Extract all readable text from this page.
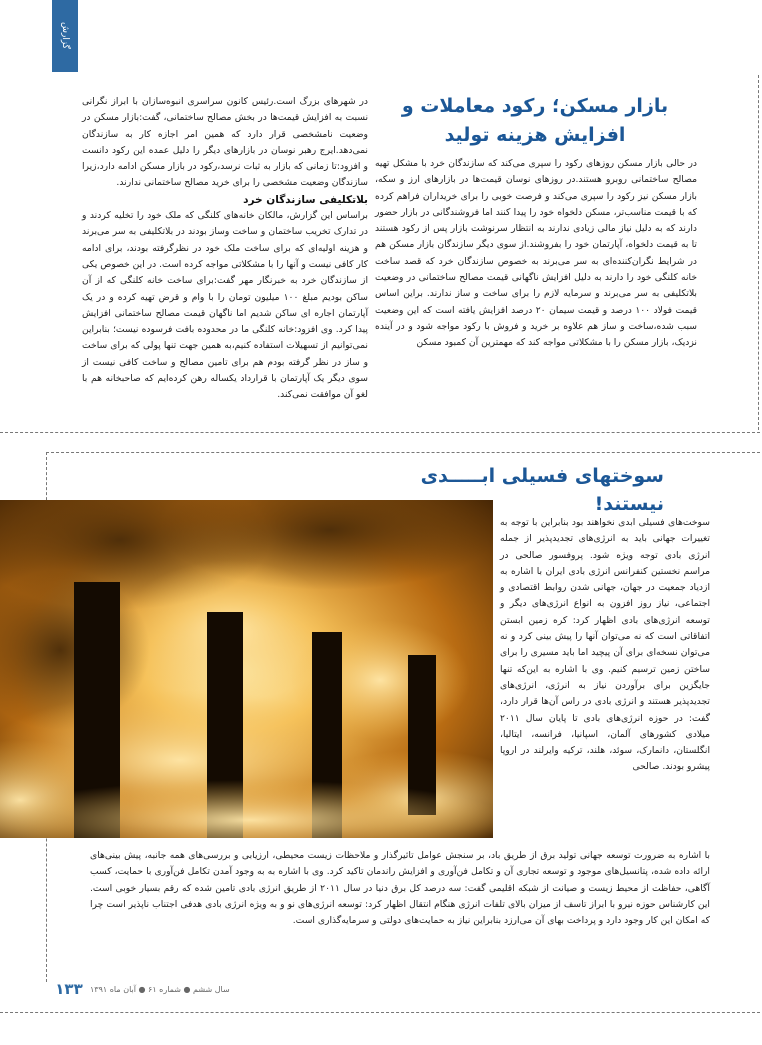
گزارش
بازار مسکن؛ رکود معاملات و افزایش هزینه تولید

در حالی بازار مسکن روزهای رکود را سپری می‌کند که سازندگان خرد با مشکل تهیه مصالح ساختمانی روبرو هستند.در روزهای نوسان قیمت‌ها در بازارهای ارز و سکه، بازار مسکن نیز رکود را سپری می‌کند و فرصت خوبی را برای خریداران فراهم کرده که با قیمت مناسب‌تر، مسکن دلخواه خود را پیدا کنند اما فروشندگانی در بازار حضور دارند که به دلیل نیاز مالی زیادی ندارند به انتظار سرنوشت بازار پس از رکود هستند تا به قیمت دلخواه، آپارتمان خود را بفروشند.از سوی دیگر سازندگان بازار مسکن هم در شرایط نگران‌کننده‌ای به سر می‌برند به خصوص سازندگان خرد که قصد ساخت خانه کلنگی خود را دارند به دلیل افزایش ناگهانی قیمت مصالح ساختمانی در وضعیت بلاتکلیفی به سر می‌برند و سرمایه لازم را برای ساخت و ساز ندارند. براین اساس قیمت فولاد ۱۰۰ درصد و قیمت سیمان ۲۰ درصد افزایش یافته است که این وضعیت سبب شده،ساخت و ساز هم علاوه بر خرید و فروش با رکود مواجه شود و در آینده نزدیک، بازار مسکن را با مشکلاتی مواجه کند که مهمترین آن کمبود مسکن

در شهرهای بزرگ است.رئیس کانون سراسری انبوه‌سازان با ابراز نگرانی نسبت به افزایش قیمت‌ها در بخش مصالح ساختمانی، گفت:بازار مسکن در وضعیت نامشخصی قرار دارد که همین امر اجازه کار به سازندگان نمی‌دهد.ایرج رهبر نوسان در بازارهای دیگر را دلیل عمده این رکود دانست و افزود:تا زمانی که بازار به ثبات نرسد،رکود در بازار مسکن ادامه دارد،زیرا سازندگان وضعیت مشخصی را برای خرید مصالح ساختمانی ندارند.

بلاتکلیفی سازندگان خرد

براساس این گزارش، مالکان خانه‌های کلنگی که ملک خود را تخلیه کردند و در تدارک تخریب ساختمان و ساخت وساز بودند در بلاتکلیفی به سر می‌برند و هزینه اولیه‌ای که برای ساخت ملک خود در نظرگرفته بودند، برای ادامه کار کافی نیست و آنها را با مشکلاتی مواجه کرده است. در این خصوص یکی از سازندگان خرد به خبرنگار مهر گفت:برای ساخت خانه کلنگی که از آن ساکن بودیم مبلغ ۱۰۰ میلیون تومان را با وام و قرض تهیه کرده و در یک آپارتمان اجاره ای ساکن شدیم اما ناگهان قیمت مصالح ساختمانی افزایش پیدا کرد. وی افزود:خانه کلنگی ما در محدوده بافت فرسوده نیست؛ بنابراین نمی‌توانیم از تسهیلات استفاده کنیم،به همین جهت تنها پولی که برای ساخت و ساز در نظر گرفته بودم هم برای تامین مصالح و ساخت کافی نیست از سوی دیگر یک آپارتمان با قرارداد یکساله رهن کرده‌ایم که صاحبخانه هم با لغو آن موافقت نمی‌کند.

سوختهای فسیلی ابـــــدی نیستند!

سوخت‌های فسیلی ابدی نخواهند بود بنابراین با توجه به تغییرات جهانی باید به انرژی‌های تجدیدپذیر از جمله انرژی بادی توجه ویژه شود. پروفسور صالحی در مراسم نخستین کنفرانس انرژی بادی ایران با اشاره به ازدیاد جمعیت در جهان، جهانی شدن روابط اقتصادی و اجتماعی، نیاز روز افزون به انواع انرژی‌های دیگر و توسعه انرژی‌های بادی اظهار کرد: کره زمین ابستن اتفاقاتی است که نه می‌توان آنها را پیش بینی کرد و نه می‌توان نسخه‌ای برای آن پیچید اما باید مسیری را برای ساختن زمین ترسیم کنیم. وی با اشاره به این‌که تنها جایگزین برای برآوردن نیاز به انرژی، انرژی‌های تجدیدپذیر هستند و انرژی بادی در راس آن‌ها قرار دارد، گفت: در حوزه انرژی‌های بادی تا پایان سال ۲۰۱۱ میلادی کشورهای آلمان، اسپانیا، فرانسه، ایتالیا، انگلستان، دانمارک، سوئد، هلند، ترکیه وایرلند در اروپا پیشرو بودند. صالحی

با اشاره به ضرورت توسعه جهانی تولید برق از طریق باد، بر سنجش عوامل تاثیرگذار و ملاحظات زیست محیطی، ارزیابی و بررسی‌های همه جانبه، پیش بینی‌های ارائه داده شده، پتانسیل‌های موجود و توسعه تجاری آن و تکامل فن‌آوری و افزایش راندمان تاکید کرد. وی با اشاره به به وجود آمدن تکامل فن‌آوری با حمایت، کسب آگاهی، حفاظت از محیط زیست و صیانت از شبکه اقلیمی گفت: سه درصد کل برق دنیا در سال ۲۰۱۱ از طریق انرژی بادی تامین شده که رقم بسیار خوبی است. این کارشناس حوزه نیرو با ابراز تاسف از میزان بالای تلفات انرژی هنگام انتقال اظهار کرد: توسعه انرژی‌های نو و به ویژه انرژی بادی هدفی اجتناب ناپذیر است چرا که امکان این کار وجود دارد و پرداخت بهای آن می‌ارزد بنابراین نیاز به حمایت‌های دولتی و سرمایه‌گذاری است.

۱۳۳ سال ششم ● شماره ۶۱ ● آبان ماه ۱۳۹۱
